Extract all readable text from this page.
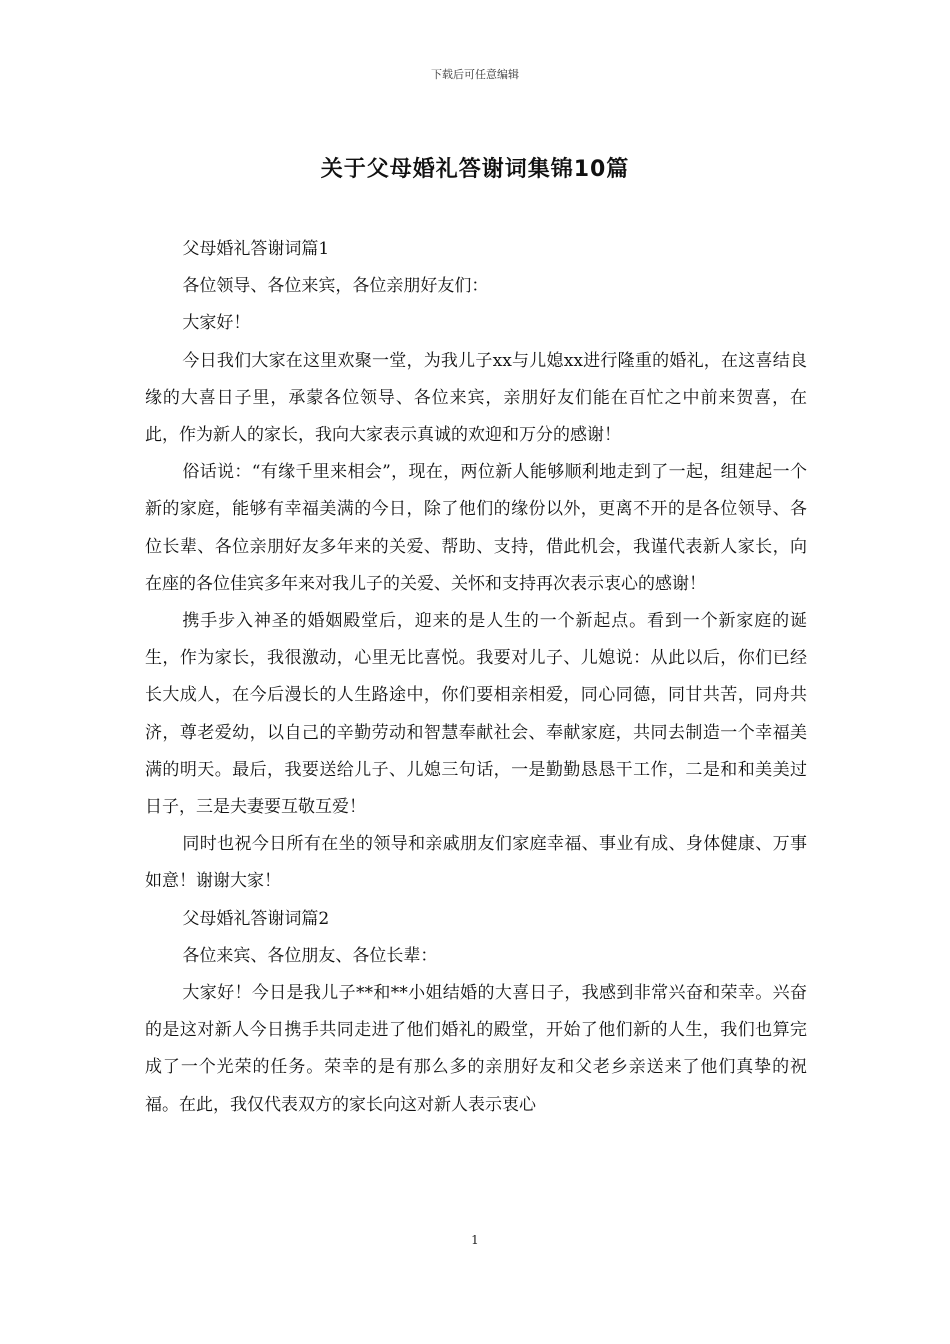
下载后可任意编辑
关于父母婚礼答谢词集锦10篇

父母婚礼答谢词篇1

各位领导、各位来宾，各位亲朋好友们：

大家好！

今日我们大家在这里欢聚一堂，为我儿子xx与儿媳xx进行隆重的婚礼，在这喜结良缘的大喜日子里，承蒙各位领导、各位来宾，亲朋好友们能在百忙之中前来贺喜，在此，作为新人的家长，我向大家表示真诚的欢迎和万分的感谢！

俗话说：“有缘千里来相会”，现在，两位新人能够顺利地走到了一起，组建起一个新的家庭，能够有幸福美满的今日，除了他们的缘份以外，更离不开的是各位领导、各位长辈、各位亲朋好友多年来的关爱、帮助、支持，借此机会，我谨代表新人家长，向在座的各位佳宾多年来对我儿子的关爱、关怀和支持再次表示衷心的感谢！

携手步入神圣的婚姻殿堂后，迎来的是人生的一个新起点。看到一个新家庭的诞生，作为家长，我很激动，心里无比喜悦。我要对儿子、儿媳说：从此以后，你们已经长大成人，在今后漫长的人生路途中，你们要相亲相爱，同心同德，同甘共苦，同舟共济，尊老爱幼，以自己的辛勤劳动和智慧奉献社会、奉献家庭，共同去制造一个幸福美满的明天。最后，我要送给儿子、儿媳三句话，一是勤勤恳恳干工作，二是和和美美过日子，三是夫妻要互敬互爱！

同时也祝今日所有在坐的领导和亲戚朋友们家庭幸福、事业有成、身体健康、万事如意！谢谢大家！

父母婚礼答谢词篇2

各位来宾、各位朋友、各位长辈：

大家好！今日是我儿子**和**小姐结婚的大喜日子，我感到非常兴奋和荣幸。兴奋的是这对新人今日携手共同走进了他们婚礼的殿堂，开始了他们新的人生，我们也算完成了一个光荣的任务。荣幸的是有那么多的亲朋好友和父老乡亲送来了他们真挚的祝福。在此，我仅代表双方的家长向这对新人表示衷心

1
